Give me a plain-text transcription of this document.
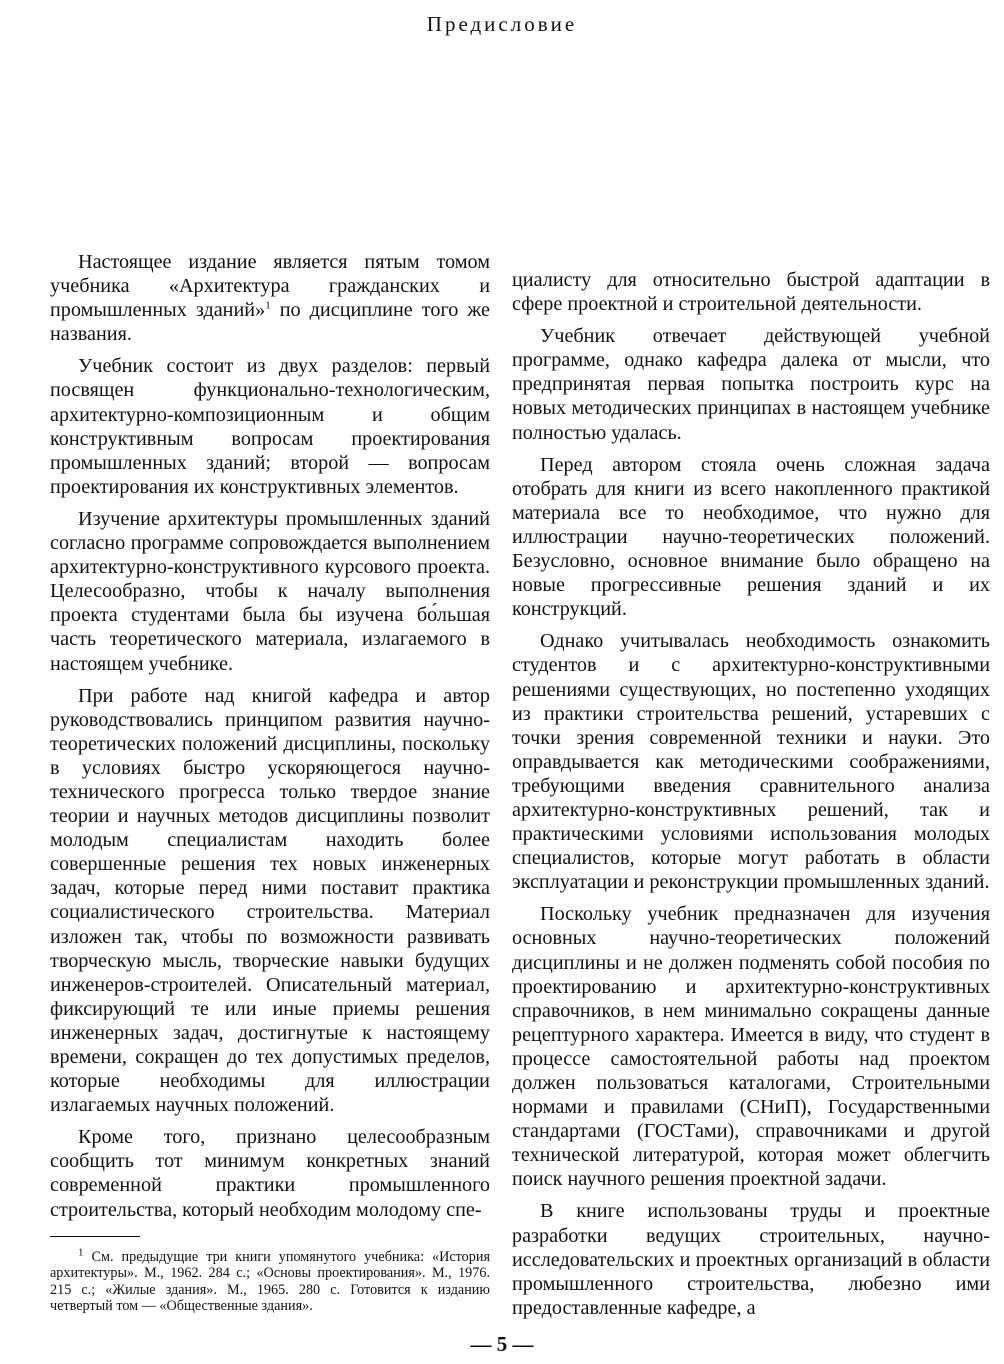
Предисловие

Настоящее издание является пятым томом учебника «Архитектура гражданских и промышленных зданий»$^1$ по дисциплине того же названия.

Учебник состоит из двух разделов: первый посвящен функционально-технологическим, архитектурно-композиционным и общим конструктивным вопросам проектирования промышленных зданий; второй — вопросам проектирования их конструктивных элементов.

Изучение архитектуры промышленных зданий согласно программе сопровождается выполнением архитектурно-конструктивного курсового проекта. Целесообразно, чтобы к началу выполнения проекта студентами была бы изучена бо́льшая часть теоретического материала, излагаемого в настоящем учебнике.

При работе над книгой кафедра и автор руководствовались принципом развития научно-теоретических положений дисциплины, поскольку в условиях быстро ускоряющегося научно-технического прогресса только твердое знание теории и научных методов дисциплины позволит молодым специалистам находить более совершенные решения тех новых инженерных задач, которые перед ними поставит практика социалистического строительства. Материал изложен так, чтобы по возможности развивать творческую мысль, творческие навыки будущих инженеров-строителей. Описательный материал, фиксирующий те или иные приемы решения инженерных задач, достигнутые к настоящему времени, сокращен до тех допустимых пределов, которые необходимы для иллюстрации излагаемых научных положений.

Кроме того, признано целесообразным сообщить тот минимум конкретных знаний современной практики промышленного строительства, который необходим молодому спе-

$^1$ См. предыдущие три книги упомянутого учебника: «История архитектуры». М., 1962. 284 с.; «Основы проектирования». М., 1976. 215 с.; «Жилые здания». М., 1965. 280 с. Готовится к изданию четвертый том — «Общественные здания».

циалисту для относительно быстрой адаптации в сфере проектной и строительной деятельности.

Учебник отвечает действующей учебной программе, однако кафедра далека от мысли, что предпринятая первая попытка построить курс на новых методических принципах в настоящем учебнике полностью удалась.

Перед автором стояла очень сложная задача отобрать для книги из всего накопленного практикой материала все то необходимое, что нужно для иллюстрации научно-теоретических положений. Безусловно, основное внимание было обращено на новые прогрессивные решения зданий и их конструкций.

Однако учитывалась необходимость ознакомить студентов и с архитектурно-конструктивными решениями существующих, но постепенно уходящих из практики строительства решений, устаревших с точки зрения современной техники и науки. Это оправдывается как методическими соображениями, требующими введения сравнительного анализа архитектурно-конструктивных решений, так и практическими условиями использования молодых специалистов, которые могут работать в области эксплуатации и реконструкции промышленных зданий.

Поскольку учебник предназначен для изучения основных научно-теоретических положений дисциплины и не должен подменять собой пособия по проектированию и архитектурно-конструктивных справочников, в нем минимально сокращены данные рецептурного характера. Имеется в виду, что студент в процессе самостоятельной работы над проектом должен пользоваться каталогами, Строительными нормами и правилами (СНиП), Государственными стандартами (ГОСТами), справочниками и другой технической литературой, которая может облегчить поиск научного решения проектной задачи.

В книге использованы труды и проектные разработки ведущих строительных, научно-исследовательских и проектных организаций в области промышленного строительства, любезно ими предоставленные кафедре, а

— 5 —
